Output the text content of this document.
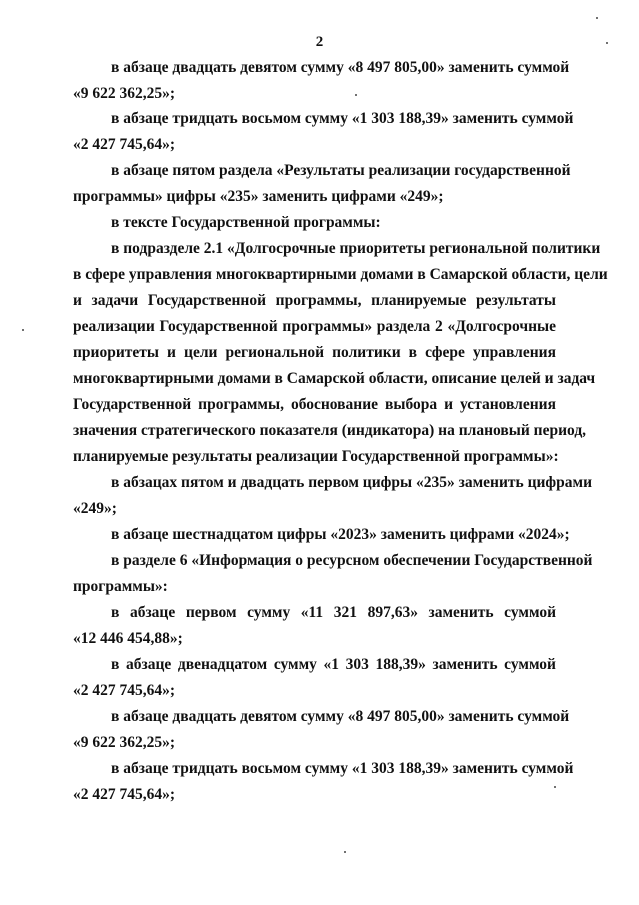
2
в абзаце двадцать девятом сумму «8 497 805,00» заменить суммой
«9 622 362,25»;
в абзаце тридцать восьмом сумму «1 303 188,39» заменить суммой
«2 427 745,64»;
в абзаце пятом раздела «Результаты реализации государственной
программы» цифры «235» заменить цифрами «249»;
в тексте Государственной программы:
в подразделе 2.1 «Долгосрочные приоритеты региональной политики
в сфере управления многоквартирными домами в Самарской области, цели
и задачи Государственной программы, планируемые результаты
реализации Государственной программы» раздела 2 «Долгосрочные
приоритеты и цели региональной политики в сфере управления
многоквартирными домами в Самарской области, описание целей и задач
Государственной программы, обоснование выбора и установления
значения стратегического показателя (индикатора) на плановый период,
планируемые результаты реализации Государственной программы»:
в абзацах пятом и двадцать первом цифры «235» заменить цифрами
«249»;
в абзаце шестнадцатом цифры «2023» заменить цифрами «2024»;
в разделе 6 «Информация о ресурсном обеспечении Государственной
программы»:
в абзаце первом сумму «11 321 897,63» заменить суммой
«12 446 454,88»;
в абзаце двенадцатом сумму «1 303 188,39» заменить суммой
«2 427 745,64»;
в абзаце двадцать девятом сумму «8 497 805,00» заменить суммой
«9 622 362,25»;
в абзаце тридцать восьмом сумму «1 303 188,39» заменить суммой
«2 427 745,64»;
